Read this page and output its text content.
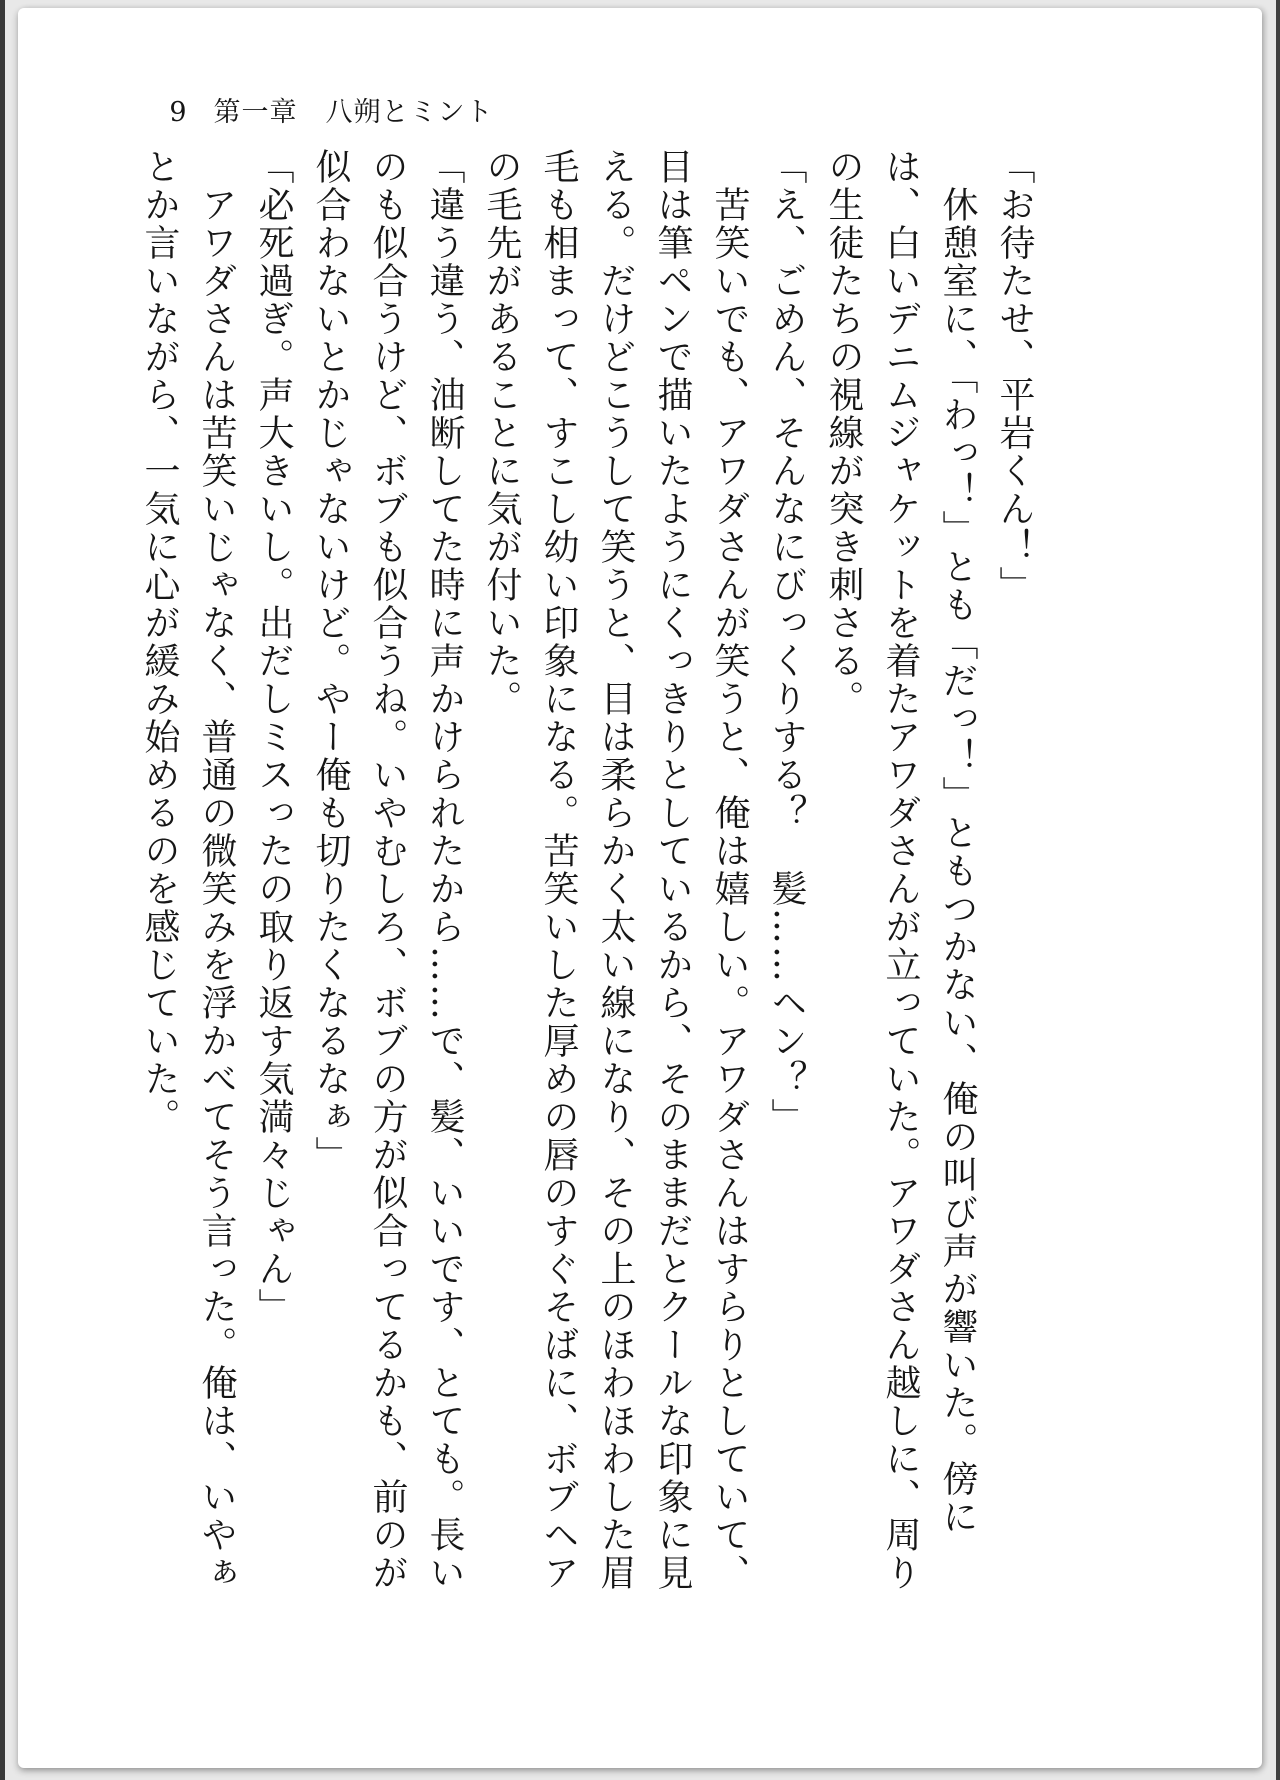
9 第一章　八朔とミント

「お待たせ、平岩くん！」
　休憩室に、「わっ！」とも「だっ！」ともつかない、俺の叫び声が響いた。傍に
は、白いデニムジャケットを着たアワダさんが立っていた。アワダさん越しに、周り
の生徒たちの視線が突き刺さる。
「え、ごめん、そんなにびっくりする？　髪……ヘン？」
　苦笑いでも、アワダさんが笑うと、俺は嬉しい。アワダさんはすらりとしていて、
目は筆ペンで描いたようにくっきりとしているから、そのままだとクールな印象に見
える。だけどこうして笑うと、目は柔らかく太い線になり、その上のほわほわした眉
毛も相まって、すこし幼い印象になる。苦笑いした厚めの唇のすぐそばに、ボブヘア
の毛先があることに気が付いた。
「違う違う、油断してた時に声かけられたから……で、髪、いいです、とても。長い
のも似合うけど、ボブも似合うね。いやむしろ、ボブの方が似合ってるかも、前のが
似合わないとかじゃないけど。やー俺も切りたくなるなぁ」
「必死過ぎ。声大きいし。出だしミスったの取り返す気満々じゃん」
　アワダさんは苦笑いじゃなく、普通の微笑みを浮かべてそう言った。俺は、いやぁ
とか言いながら、一気に心が緩み始めるのを感じていた。
